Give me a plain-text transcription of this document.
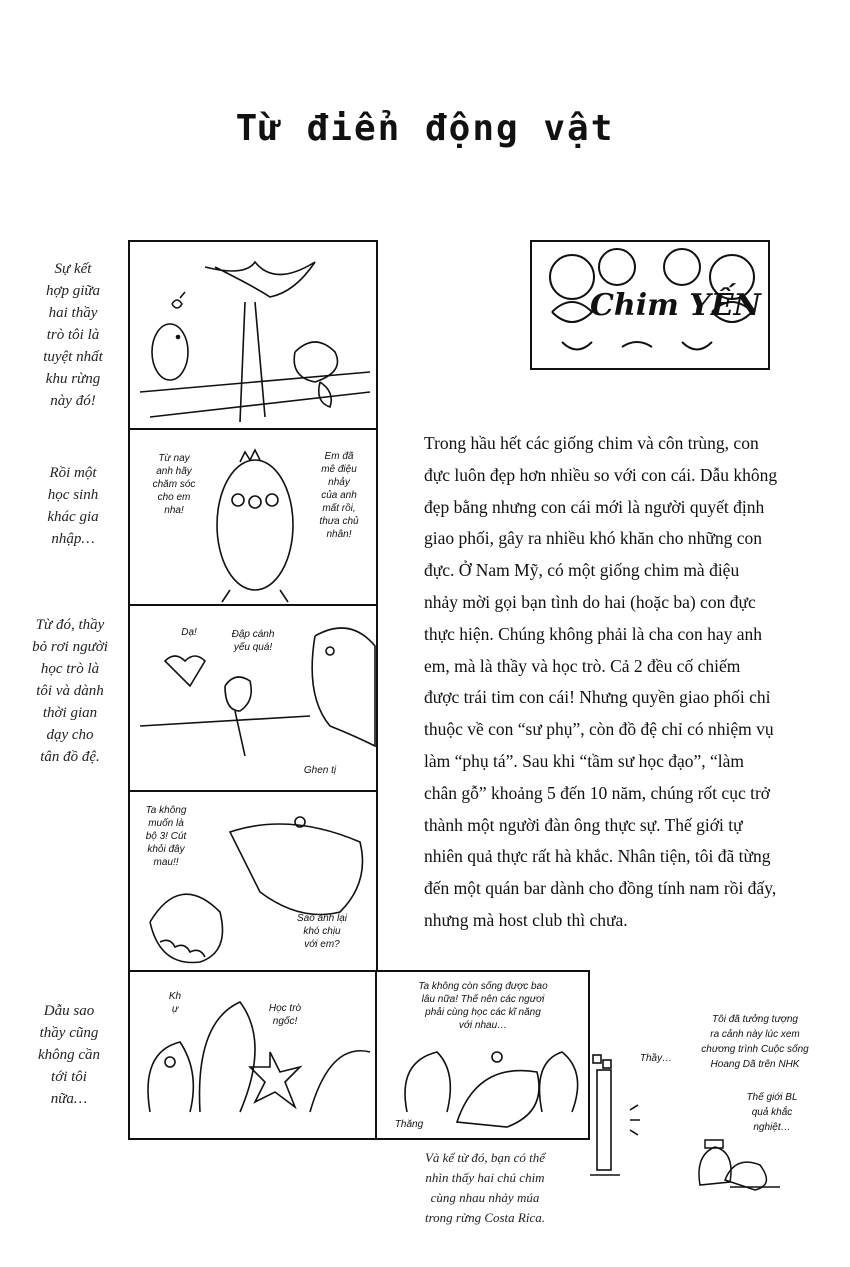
Từ điển động vật
Chim YẾN
Sự kết
hợp giữa
hai thầy
trò tôi là
tuyệt nhất
khu rừng
này đó!
Rồi một
học sinh
khác gia
nhập…
Từ đó, thầy
bỏ rơi người
học trò là
tôi và dành
thời gian
dạy cho
tân đồ đệ.
Dẫu sao
thầy cũng
không cần
tới tôi
nữa…
Và kể từ đó, bạn có thể
nhìn thấy hai chú chim
cùng nhau nhảy múa
trong rừng Costa Rica.
Từ nay
anh hãy
chăm sóc
cho em
nha!
Em đã
mê điệu
nhảy
của anh
mất rồi,
thưa chủ
nhân!
Dạ!	Đập cánh
yếu quá!
Ghen tị
Ta không
muốn là
bộ 3! Cút
khỏi đây
mau!!
Sao anh lại
khó chịu
với em?
Kh
ự	Học trò
ngốc!
Ta không còn sống được bao
lâu nữa! Thế nên các ngươi
phải cùng học các kĩ năng
với nhau…
Thăng
Thầy…
Tôi đã tưởng tượng
ra cảnh này lúc xem
chương trình Cuộc sống
Hoang Dã trên NHK
Thế giới BL
quả khắc
nghiệt…
Trong hầu hết các giống chim và côn trùng, con
đực luôn đẹp hơn nhiều so với con cái. Dẫu không
đẹp bằng nhưng con cái mới là người quyết định
giao phối, gây ra nhiều khó khăn cho những con
đực. Ở Nam Mỹ, có một giống chim mà điệu
nhảy mời gọi bạn tình do hai (hoặc ba) con đực
thực hiện. Chúng không phải là cha con hay anh
em, mà là thầy và học trò. Cả 2 đều cố chiếm
được trái tim con cái! Nhưng quyền giao phối chỉ
thuộc về con “sư phụ”, còn đồ đệ chỉ có nhiệm vụ
làm “phụ tá”. Sau khi “tầm sư học đạo”, “làm
chân gỗ” khoảng 5 đến 10 năm, chúng rốt cục trở
thành một người đàn ông thực sự. Thế giới tự
nhiên quả thực rất hà khắc. Nhân tiện, tôi đã từng
đến một quán bar dành cho đồng tính nam rồi đấy,
nhưng mà host club thì chưa.
